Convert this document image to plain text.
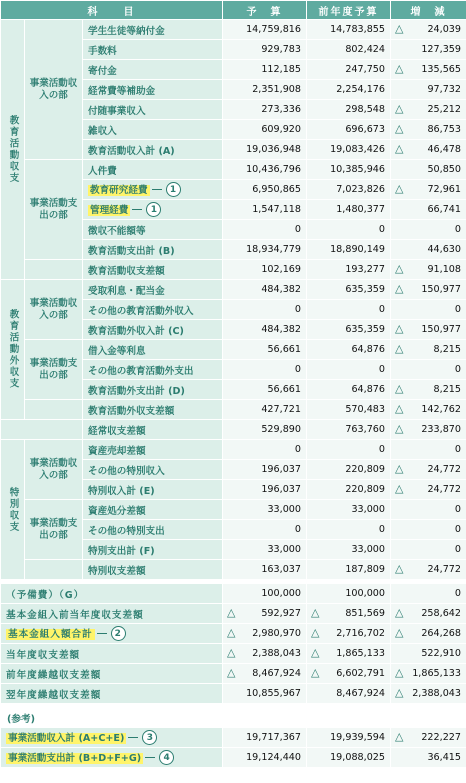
科　　目			予　算	前年度予算	増　減
教育活動収支	事業活動収入の部	学生生徒等納付金	14,759,816	14,783,855	△ 24,039
		手数料	929,783	802,424	127,359
		寄付金	112,185	247,750	△ 135,565
		経常費等補助金	2,351,908	2,254,176	97,732
		付随事業収入	273,336	298,548	△ 25,212
		雑収入	609,920	696,673	△ 86,753
		教育活動収入計 (A)	19,036,948	19,083,426	△ 46,478
	事業活動支出の部	人件費	10,436,796	10,385,946	50,850
		教育研究経費 1	6,950,865	7,023,826	△ 72,961
		管理経費 1	1,547,118	1,480,377	66,741
		徴収不能額等	0	0	0
		教育活動支出計 (B)	18,934,779	18,890,149	44,630
		教育活動収支差額	102,169	193,277	△ 91,108
教育活動外収支	事業活動収入の部	受取利息・配当金	484,382	635,359	△ 150,977
		その他の教育活動外収入	0	0	0
		教育活動外収入計 (C)	484,382	635,359	△ 150,977
	事業活動支出の部	借入金等利息	56,661	64,876	△ 8,215
		その他の教育活動外支出	0	0	0
		教育活動外支出計 (D)	56,661	64,876	△ 8,215
		教育活動外収支差額	427,721	570,483	△ 142,762
		経常収支差額	529,890	763,760	△ 233,870
特別収支	事業活動収入の部	資産売却差額	0	0	0
		その他の特別収入	196,037	220,809	△ 24,772
		特別収入計 (E)	196,037	220,809	△ 24,772
	事業活動支出の部	資産処分差額	33,000	33,000	0
		その他の特別支出	0	0	0
		特別支出計 (F)	33,000	33,000	0
		特別収支差額	163,037	187,809	△ 24,772

（予備費）（G）			100,000	100,000	0
基本金組入前当年度収支差額			△ 592,927	△ 851,569	△ 258,642
基本金組入額合計 2			△ 2,980,970	△ 2,716,702	△ 264,268
当年度収支差額			△ 2,388,043	△ 1,865,133	522,910
前年度繰越収支差額			△ 8,467,924	△ 6,602,791	△ 1,865,133
翌年度繰越収支差額			10,855,967	8,467,924	△ 2,388,043

(参考)					
事業活動収入計 (A+C+E) 3			19,717,367	19,939,594	△ 222,227
事業活動支出計 (B+D+F+G) 4			19,124,440	19,088,025	36,415
